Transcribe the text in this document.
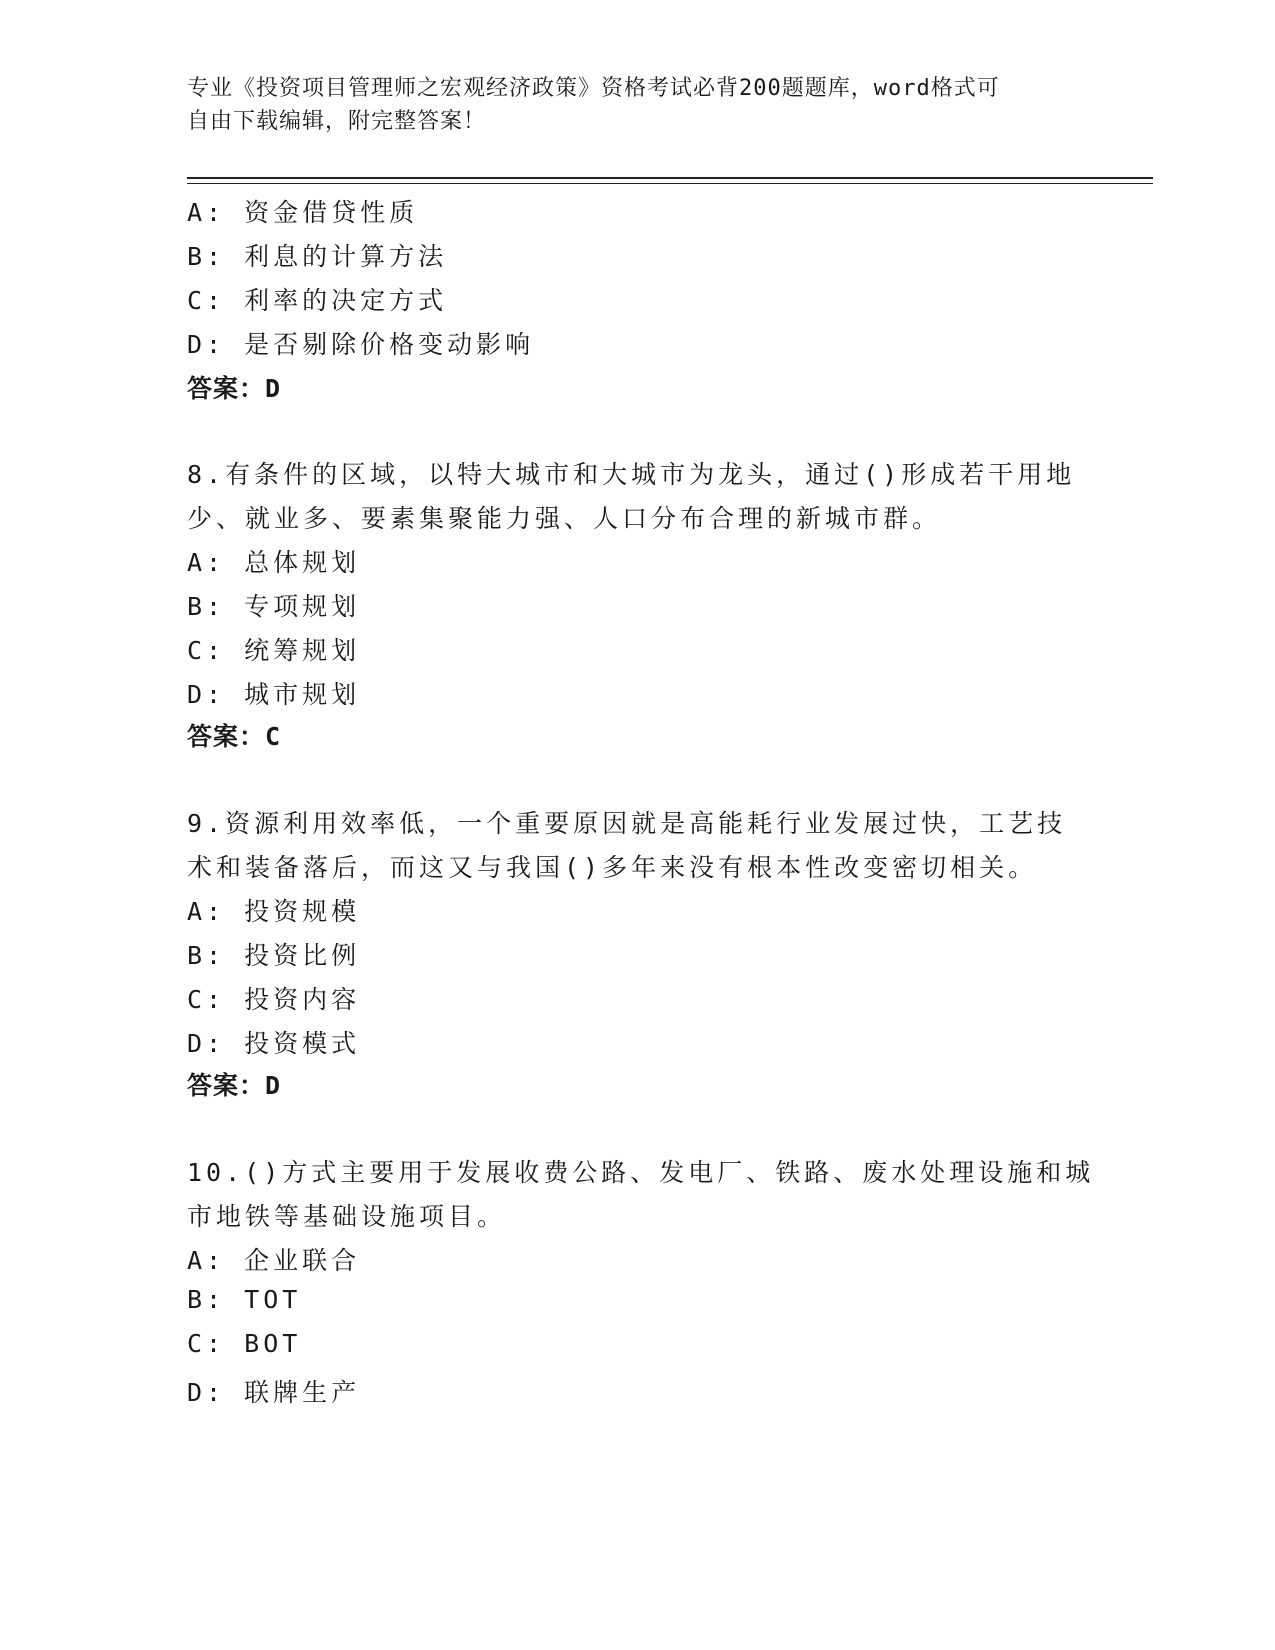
专业《投资项目管理师之宏观经济政策》资格考试必背200题题库，word格式可
自由下载编辑，附完整答案！
A: 资金借贷性质
B: 利息的计算方法
C: 利率的决定方式
D: 是否剔除价格变动影响
答案：D
8.有条件的区域，以特大城市和大城市为龙头，通过()形成若干用地
少、就业多、要素集聚能力强、人口分布合理的新城市群。
A: 总体规划
B: 专项规划
C: 统筹规划
D: 城市规划
答案：C
9.资源利用效率低，一个重要原因就是高能耗行业发展过快，工艺技
术和装备落后，而这又与我国()多年来没有根本性改变密切相关。
A: 投资规模
B: 投资比例
C: 投资内容
D: 投资模式
答案：D
10.()方式主要用于发展收费公路、发电厂、铁路、废水处理设施和城
市地铁等基础设施项目。
A: 企业联合
B: TOT
C: BOT
D: 联牌生产
